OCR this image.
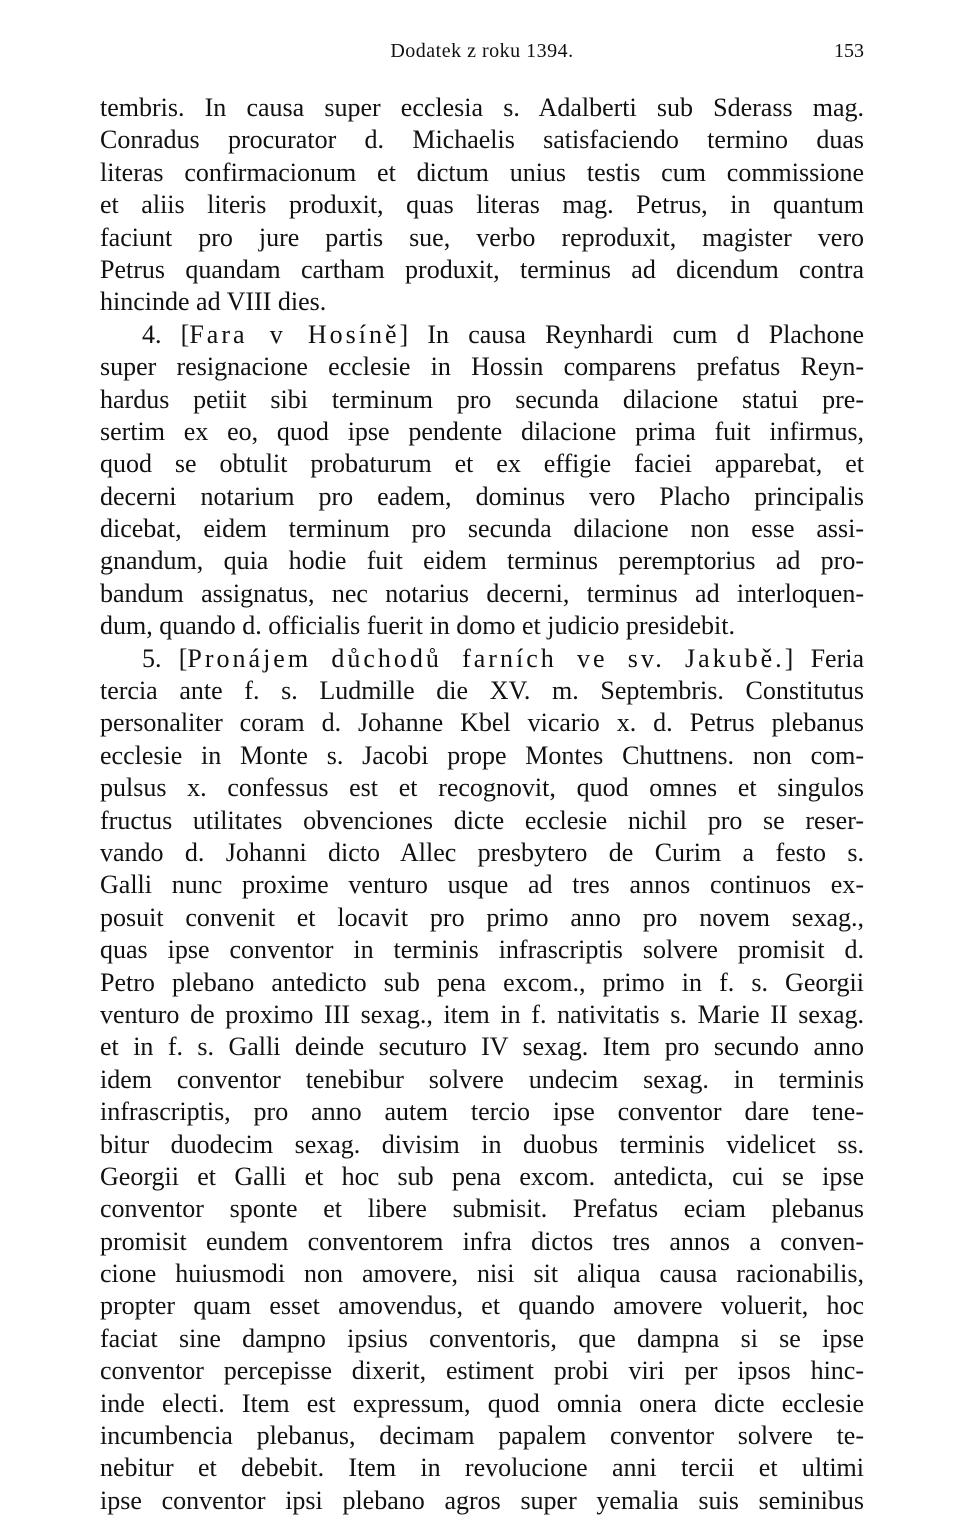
Dodatek z roku 1394.	153
tembris. In causa super ecclesia s. Adalberti sub Sderass mag.
Conradus procurator d. Michaelis satisfaciendo termino duas
literas confirmacionum et dictum unius testis cum commissione
et aliis literis produxit, quas literas mag. Petrus, in quantum
faciunt pro jure partis sue, verbo reproduxit, magister vero
Petrus quandam cartham produxit, terminus ad dicendum contra
hincinde ad VIII dies.
4. [Fara v Hosíně] In causa Reynhardi cum d Plachone
super resignacione ecclesie in Hossin comparens prefatus Reyn-
hardus petiit sibi terminum pro secunda dilacione statui pre-
sertim ex eo, quod ipse pendente dilacione prima fuit infirmus,
quod se obtulit probaturum et ex effigie faciei apparebat, et
decerni notarium pro eadem, dominus vero Placho principalis
dicebat, eidem terminum pro secunda dilacione non esse assi-
gnandum, quia hodie fuit eidem terminus peremptorius ad pro-
bandum assignatus, nec notarius decerni, terminus ad interloquen-
dum, quando d. officialis fuerit in domo et judicio presidebit.
5. [Pronájem důchodů farních ve sv. Jakubě.] Feria
tercia ante f. s. Ludmille die XV. m. Septembris. Constitutus
personaliter coram d. Johanne Kbel vicario x. d. Petrus plebanus
ecclesie in Monte s. Jacobi prope Montes Chuttnens. non com-
pulsus x. confessus est et recognovit, quod omnes et singulos
fructus utilitates obvenciones dicte ecclesie nichil pro se reser-
vando d. Johanni dicto Allec presbytero de Curim a festo s.
Galli nunc proxime venturo usque ad tres annos continuos ex-
posuit convenit et locavit pro primo anno pro novem sexag.,
quas ipse conventor in terminis infrascriptis solvere promisit d.
Petro plebano antedicto sub pena excom., primo in f. s. Georgii
venturo de proximo III sexag., item in f. nativitatis s. Marie II sexag.
et in f. s. Galli deinde secuturo IV sexag. Item pro secundo anno
idem conventor tenebibur solvere undecim sexag. in terminis
infrascriptis, pro anno autem tercio ipse conventor dare tene-
bitur duodecim sexag. divisim in duobus terminis videlicet ss.
Georgii et Galli et hoc sub pena excom. antedicta, cui se ipse
conventor sponte et libere submisit. Prefatus eciam plebanus
promisit eundem conventorem infra dictos tres annos a conven-
cione huiusmodi non amovere, nisi sit aliqua causa racionabilis,
propter quam esset amovendus, et quando amovere voluerit, hoc
faciat sine dampno ipsius conventoris, que dampna si se ipse
conventor percepisse dixerit, estiment probi viri per ipsos hinc-
inde electi. Item est expressum, quod omnia onera dicte ecclesie
incumbencia plebanus, decimam papalem conventor solvere te-
nebitur et debebit. Item in revolucione anni tercii et ultimi
ipse conventor ipsi plebano agros super yemalia suis seminibus
